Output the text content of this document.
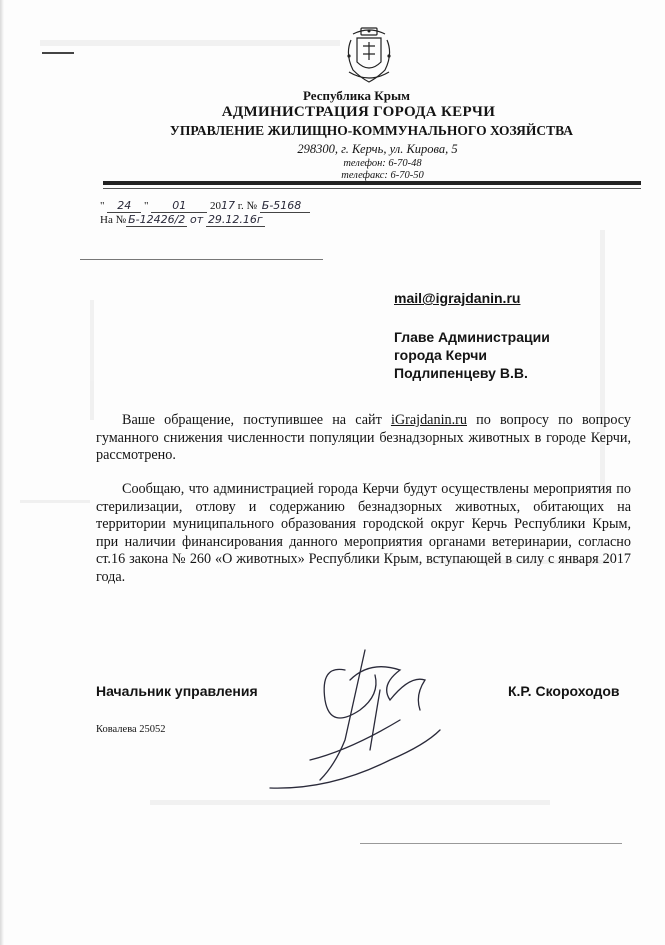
Республика Крым
АДМИНИСТРАЦИЯ ГОРОДА КЕРЧИ
УПРАВЛЕНИЕ ЖИЛИЩНО-КОММУНАЛЬНОГО ХОЗЯЙСТВА
298300, г. Керчь, ул. Кирова, 5
телефон: 6-70-48
телефакс: 6-70-50
" 24 " 01 2017 г. № Б-5168
На № Б-12426/2 от 29.12.16г
mail@igrajdanin.ru
Главе Администрации
города Керчи
Подлипенцеву В.В.
Ваше обращение, поступившее на сайт iGrajdanin.ru по вопросу по вопросу гуманного снижения численности популяции безнадзорных животных в городе Керчи, рассмотрено.
Сообщаю, что администрацией города Керчи будут осуществлены мероприятия по стерилизации, отлову и содержанию безнадзорных животных, обитающих на территории муниципального образования городской округ Керчь Республики Крым, при наличии финансирования данного мероприятия органами ветеринарии, согласно ст.16 закона № 260 «О животных» Республики Крым, вступающей в силу с января 2017 года.
Начальник управления	К.Р. Скороходов
Ковалева 25052
